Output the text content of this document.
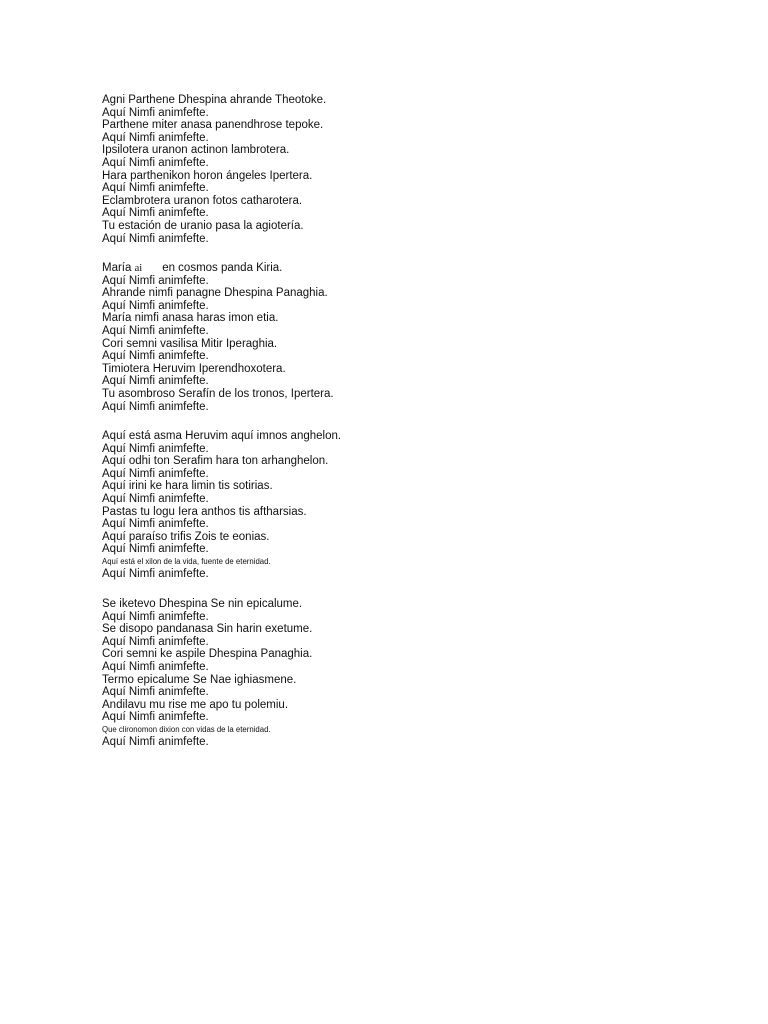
Agni Parthene Dhespina ahrande Theotoke.
Aquí Nimfi animfefte.
Parthene miter anasa panendhrose tepoke.
Aquí Nimfi animfefte.
Ipsilotera uranon actinon lambrotera.
Aquí Nimfi animfefte.
Hara parthenikon horon ángeles Ipertera.
Aquí Nimfi animfefte.
Eclambrotera uranon fotos catharotera.
Aquí Nimfi animfefte.
Tu estación de uranio pasa la agiotería.
Aquí Nimfi animfefte.
María ai en cosmos panda Kiria.
Aquí Nimfi animfefte.
Ahrande nimfi panagne Dhespina Panaghia.
Aquí Nimfi animfefte.
María nimfi anasa haras imon etia.
Aquí Nimfi animfefte.
Cori semni vasilisa Mitir Iperaghia.
Aquí Nimfi animfefte.
Timiotera Heruvim Iperendhoxotera.
Aquí Nimfi animfefte.
Tu asombroso Serafín de los tronos, Ipertera.
Aquí Nimfi animfefte.
Aquí está asma Heruvim aquí imnos anghelon.
Aquí Nimfi animfefte.
Aquí odhi ton Serafim hara ton arhanghelon.
Aquí Nimfi animfefte.
Aquí irini ke hara limin tis sotirias.
Aquí Nimfi animfefte.
Pastas tu logu Iera anthos tis aftharsias.
Aquí Nimfi animfefte.
Aquí paraíso trifis Zois te eonias.
Aquí Nimfi animfefte.
Aquí está el xilon de la vida, fuente de eternidad.
Aquí Nimfi animfefte.
Se iketevo Dhespina Se nin epicalume.
Aquí Nimfi animfefte.
Se disopo pandanasa Sin harin exetume.
Aquí Nimfi animfefte.
Cori semni ke aspile Dhespina Panaghia.
Aquí Nimfi animfefte.
Termo epicalume Se Nae ighiasmene.
Aquí Nimfi animfefte.
Andilavu mu rise me apo tu polemiu.
Aquí Nimfi animfefte.
Que clironomon dixion con vidas de la eternidad.
Aquí Nimfi animfefte.
